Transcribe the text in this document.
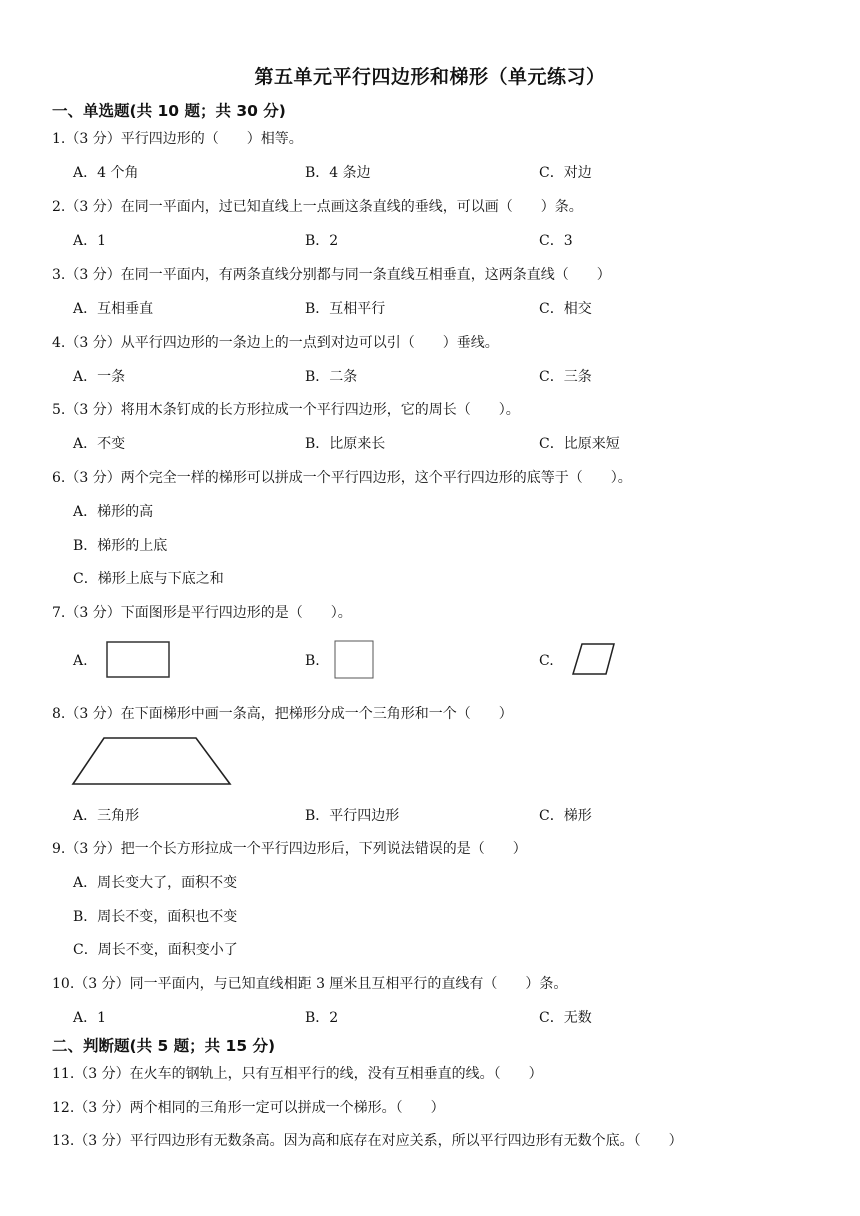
第五单元平行四边形和梯形（单元练习）
一、单选题(共 10 题；共 30 分)
1.（3 分）平行四边形的（　　）相等。
A．4 个角	B．4 条边	C．对边
2.（3 分）在同一平面内，过已知直线上一点画这条直线的垂线，可以画（　　）条。
A．1	B．2	C．3
3.（3 分）在同一平面内，有两条直线分别都与同一条直线互相垂直，这两条直线（　　）
A．互相垂直	B．互相平行	C．相交
4.（3 分）从平行四边形的一条边上的一点到对边可以引（　　）垂线。
A．一条	B．二条	C．三条
5.（3 分）将用木条钉成的长方形拉成一个平行四边形，它的周长（　　）。
A．不变	B．比原来长	C．比原来短
6.（3 分）两个完全一样的梯形可以拼成一个平行四边形，这个平行四边形的底等于（　　）。
A．梯形的高
B．梯形的上底
C．梯形上底与下底之和
7.（3 分）下面图形是平行四边形的是（　　）。
A.	B.	C.
8.（3 分）在下面梯形中画一条高，把梯形分成一个三角形和一个（　　）
A．三角形	B．平行四边形	C．梯形
9.（3 分）把一个长方形拉成一个平行四边形后，下列说法错误的是（　　）
A．周长变大了，面积不变
B．周长不变，面积也不变
C．周长不变，面积变小了
10.（3 分）同一平面内，与已知直线相距 3 厘米且互相平行的直线有（　　）条。
A．1	B．2	C．无数
二、判断题(共 5 题；共 15 分)
11.（3 分）在火车的钢轨上，只有互相平行的线，没有互相垂直的线。（　　）
12.（3 分）两个相同的三角形一定可以拼成一个梯形。（　　）
13.（3 分）平行四边形有无数条高。因为高和底存在对应关系，所以平行四边形有无数个底。（　　）
